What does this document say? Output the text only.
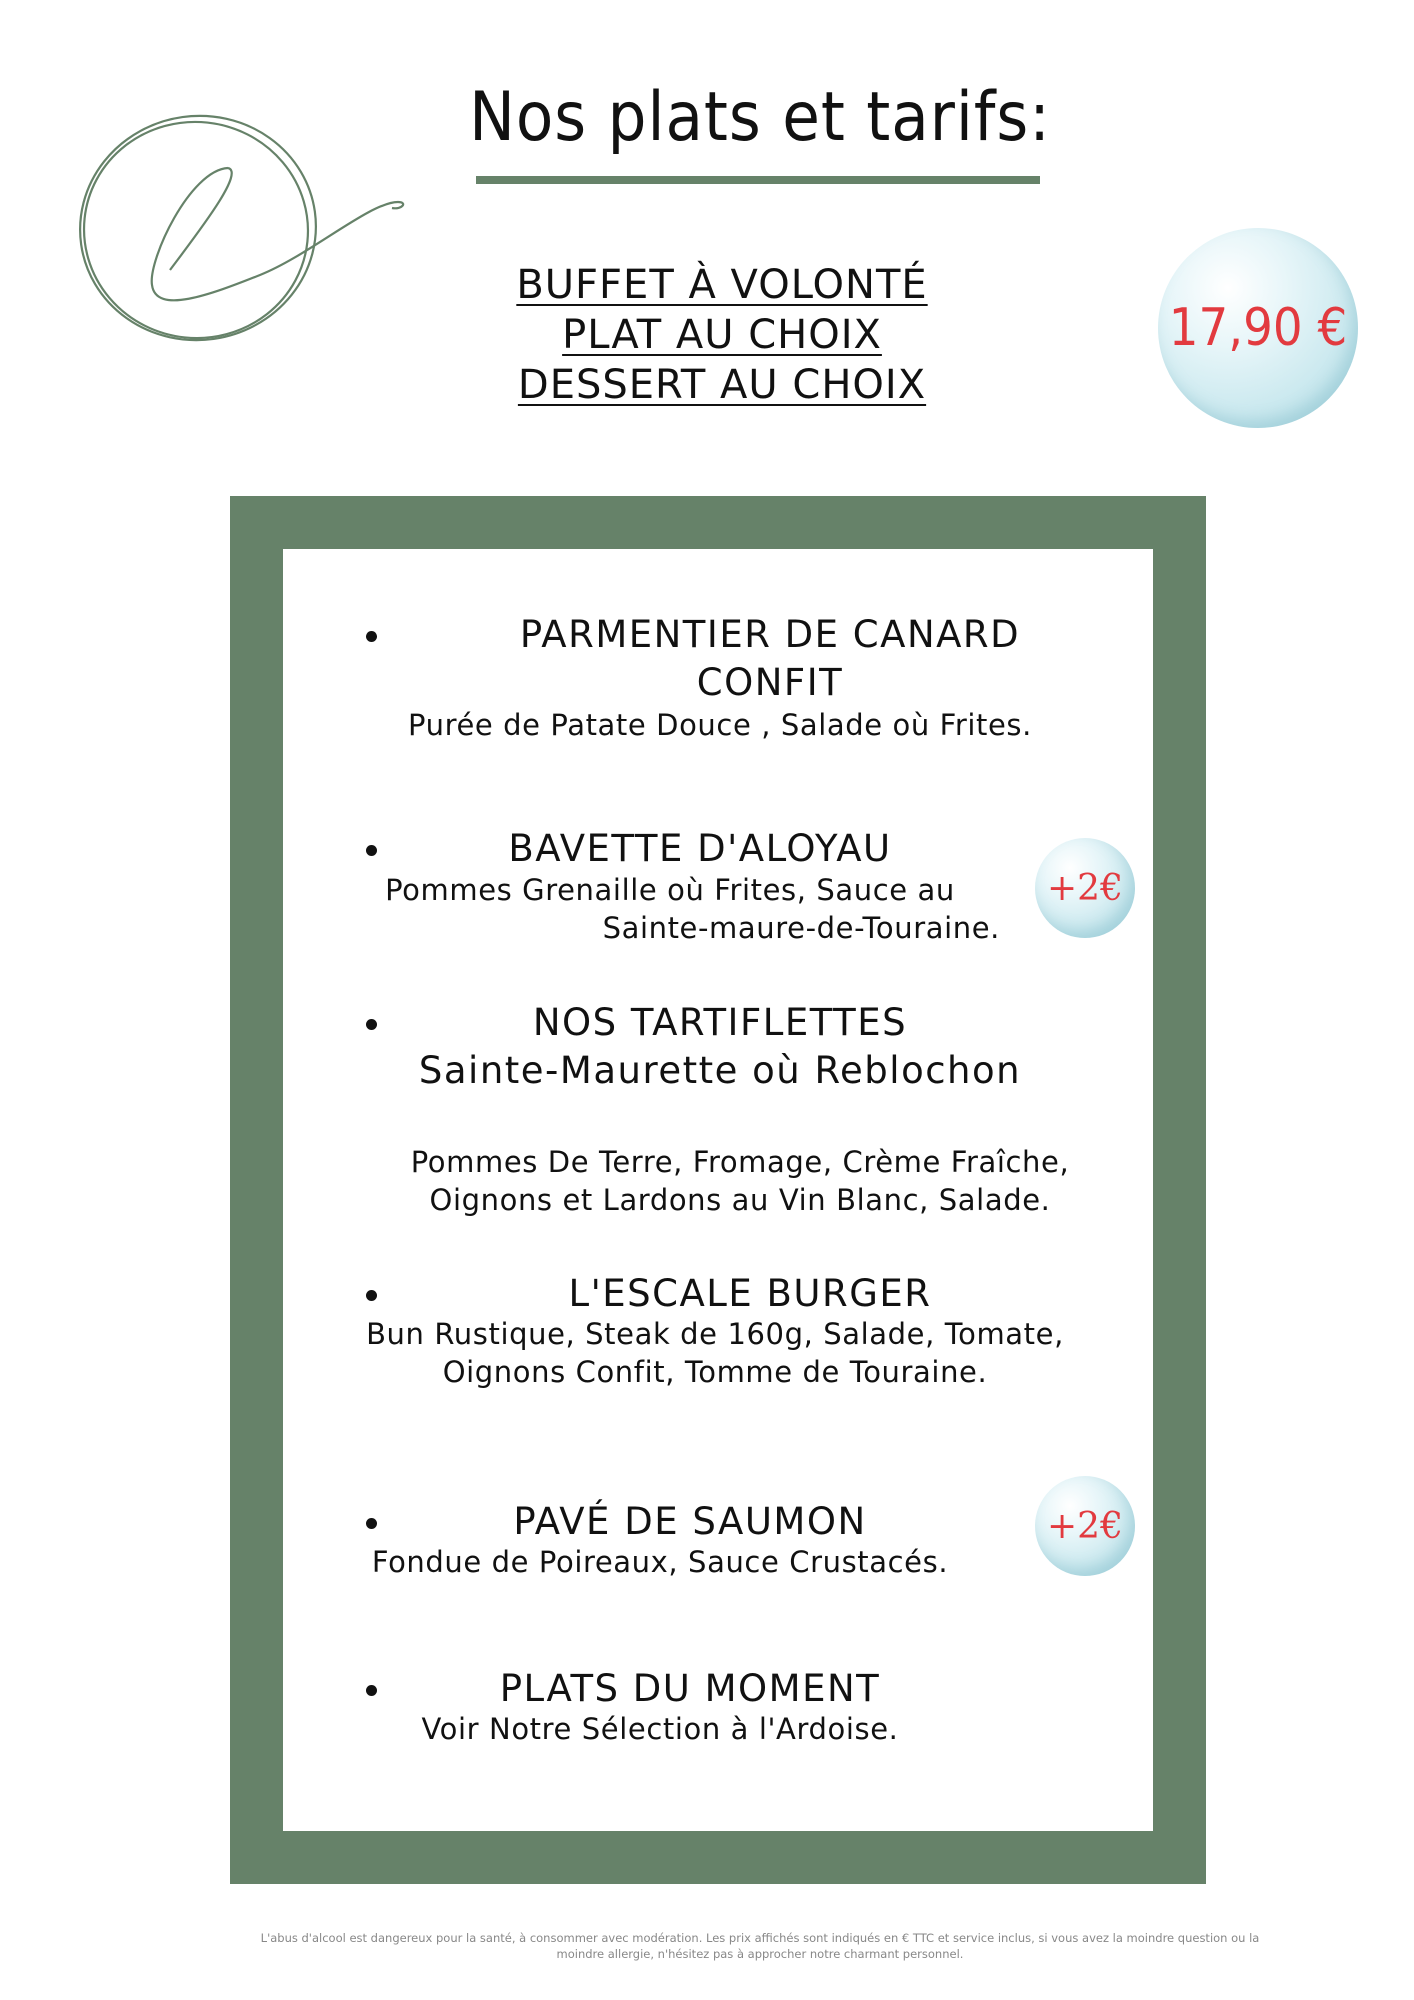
Nos plats et tarifs:
BUFFET À VOLONTÉ
PLAT AU CHOIX
DESSERT AU CHOIX
17,90 €
PARMENTIER DE CANARD
CONFIT
Purée de Patate Douce , Salade où Frites.
BAVETTE D'ALOYAU
Pommes Grenaille où Frites, Sauce au
Sainte-maure-de-Touraine.
+2€
NOS TARTIFLETTES
Sainte-Maurette où Reblochon
Pommes De Terre, Fromage, Crème Fraîche,
Oignons et Lardons au Vin Blanc, Salade.
L'ESCALE BURGER
Bun Rustique, Steak de 160g, Salade, Tomate,
Oignons Confit, Tomme de Touraine.
PAVÉ DE SAUMON
Fondue de Poireaux, Sauce Crustacés.
+2€
PLATS DU MOMENT
Voir Notre Sélection à l'Ardoise.
L'abus d'alcool est dangereux pour la santé, à consommer avec modération. Les prix affichés sont indiqués en € TTC et service inclus, si vous avez la moindre question ou la
moindre allergie, n'hésitez pas à approcher notre charmant personnel.
